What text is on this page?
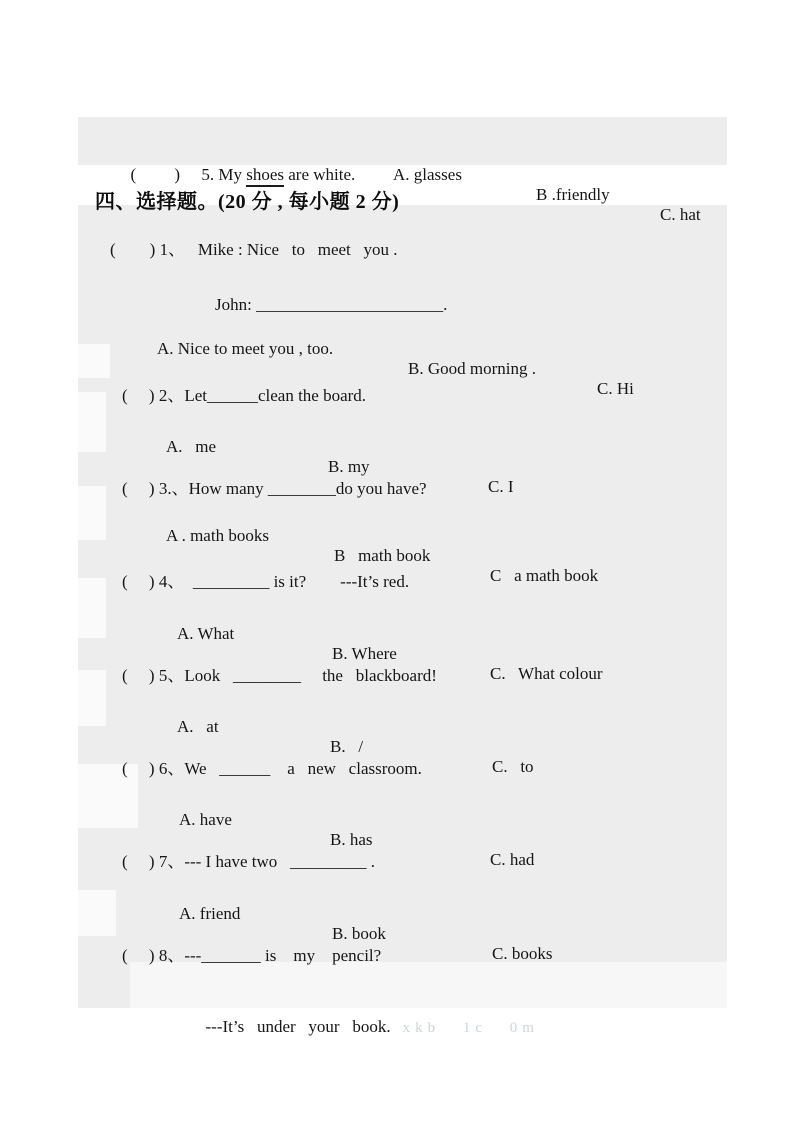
(         )     5. My shoes are white.

A. glasses

B .friendly

C. hat

四、选择题。(20 分 , 每小题 2 分)

(        ) 1、   Mike : Nice   to   meet   you .

John: ______________________.

A. Nice to meet you , too.

B. Good morning .

C. Hi

(     ) 2、Let______clean the board.

A.   me

B. my

C. I

(     ) 3.、How many ________do you have?

A . math books

B   math book

C   a math book

(     ) 4、  _________ is it?        ---It’s red.

A. What

B. Where

C.   What colour

(     ) 5、Look   ________     the   blackboard!

A.   at

B.   /

C.   to

(     ) 6、We   ______    a   new   classroom.

A. have

B. has

C. had

(     ) 7、--- I have two   _________ .

A. friend

B. book

C. books

(     ) 8、---_______ is    my    pencil?

---It’s   under   your   book. xkb 1c 0m
